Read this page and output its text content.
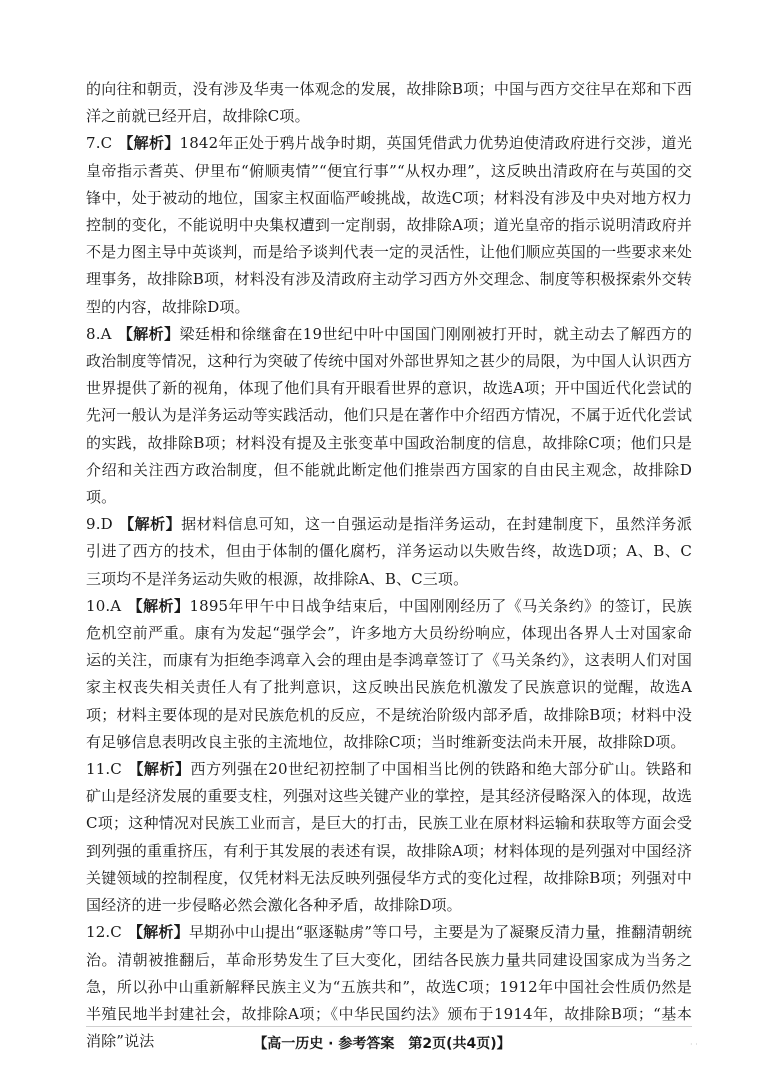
的向往和朝贡，没有涉及华夷一体观念的发展，故排除B项；中国与西方交往早在郑和下西洋之前就已经开启，故排除C项。

7.C 【解析】1842年正处于鸦片战争时期，英国凭借武力优势迫使清政府进行交涉，道光皇帝指示耆英、伊里布“俯顺夷情”“便宜行事”“从权办理”，这反映出清政府在与英国的交锋中，处于被动的地位，国家主权面临严峻挑战，故选C项；材料没有涉及中央对地方权力控制的变化，不能说明中央集权遭到一定削弱，故排除A项；道光皇帝的指示说明清政府并不是力图主导中英谈判，而是给予谈判代表一定的灵活性，让他们顺应英国的一些要求来处理事务，故排除B项，材料没有涉及清政府主动学习西方外交理念、制度等积极探索外交转型的内容，故排除D项。

8.A 【解析】梁廷枏和徐继畲在19世纪中叶中国国门刚刚被打开时，就主动去了解西方的政治制度等情况，这种行为突破了传统中国对外部世界知之甚少的局限，为中国人认识西方世界提供了新的视角，体现了他们具有开眼看世界的意识，故选A项；开中国近代化尝试的先河一般认为是洋务运动等实践活动，他们只是在著作中介绍西方情况，不属于近代化尝试的实践，故排除B项；材料没有提及主张变革中国政治制度的信息，故排除C项；他们只是介绍和关注西方政治制度，但不能就此断定他们推崇西方国家的自由民主观念，故排除D项。

9.D 【解析】据材料信息可知，这一自强运动是指洋务运动，在封建制度下，虽然洋务派引进了西方的技术，但由于体制的僵化腐朽，洋务运动以失败告终，故选D项；A、B、C三项均不是洋务运动失败的根源，故排除A、B、C三项。

10.A 【解析】1895年甲午中日战争结束后，中国刚刚经历了《马关条约》的签订，民族危机空前严重。康有为发起“强学会”，许多地方大员纷纷响应，体现出各界人士对国家命运的关注，而康有为拒绝李鸿章入会的理由是李鸿章签订了《马关条约》，这表明人们对国家主权丧失相关责任人有了批判意识，这反映出民族危机激发了民族意识的觉醒，故选A项；材料主要体现的是对民族危机的反应，不是统治阶级内部矛盾，故排除B项；材料中没有足够信息表明改良主张的主流地位，故排除C项；当时维新变法尚未开展，故排除D项。

11.C 【解析】西方列强在20世纪初控制了中国相当比例的铁路和绝大部分矿山。铁路和矿山是经济发展的重要支柱，列强对这些关键产业的掌控，是其经济侵略深入的体现，故选C项；这种情况对民族工业而言，是巨大的打击，民族工业在原材料运输和获取等方面会受到列强的重重挤压，有利于其发展的表述有误，故排除A项；材料体现的是列强对中国经济关键领域的控制程度，仅凭材料无法反映列强侵华方式的变化过程，故排除B项；列强对中国经济的进一步侵略必然会激化各种矛盾，故排除D项。

12.C 【解析】早期孙中山提出“驱逐鞑虏”等口号，主要是为了凝聚反清力量，推翻清朝统治。清朝被推翻后，革命形势发生了巨大变化，团结各民族力量共同建设国家成为当务之急，所以孙中山重新解释民族主义为“五族共和”，故选C项；1912年中国社会性质仍然是半殖民地半封建社会，故排除A项；《中华民国约法》颁布于1914年，故排除B项；“基本消除”说法	【高一历史 · 参考答案　第2页(共4页)】	· ·
